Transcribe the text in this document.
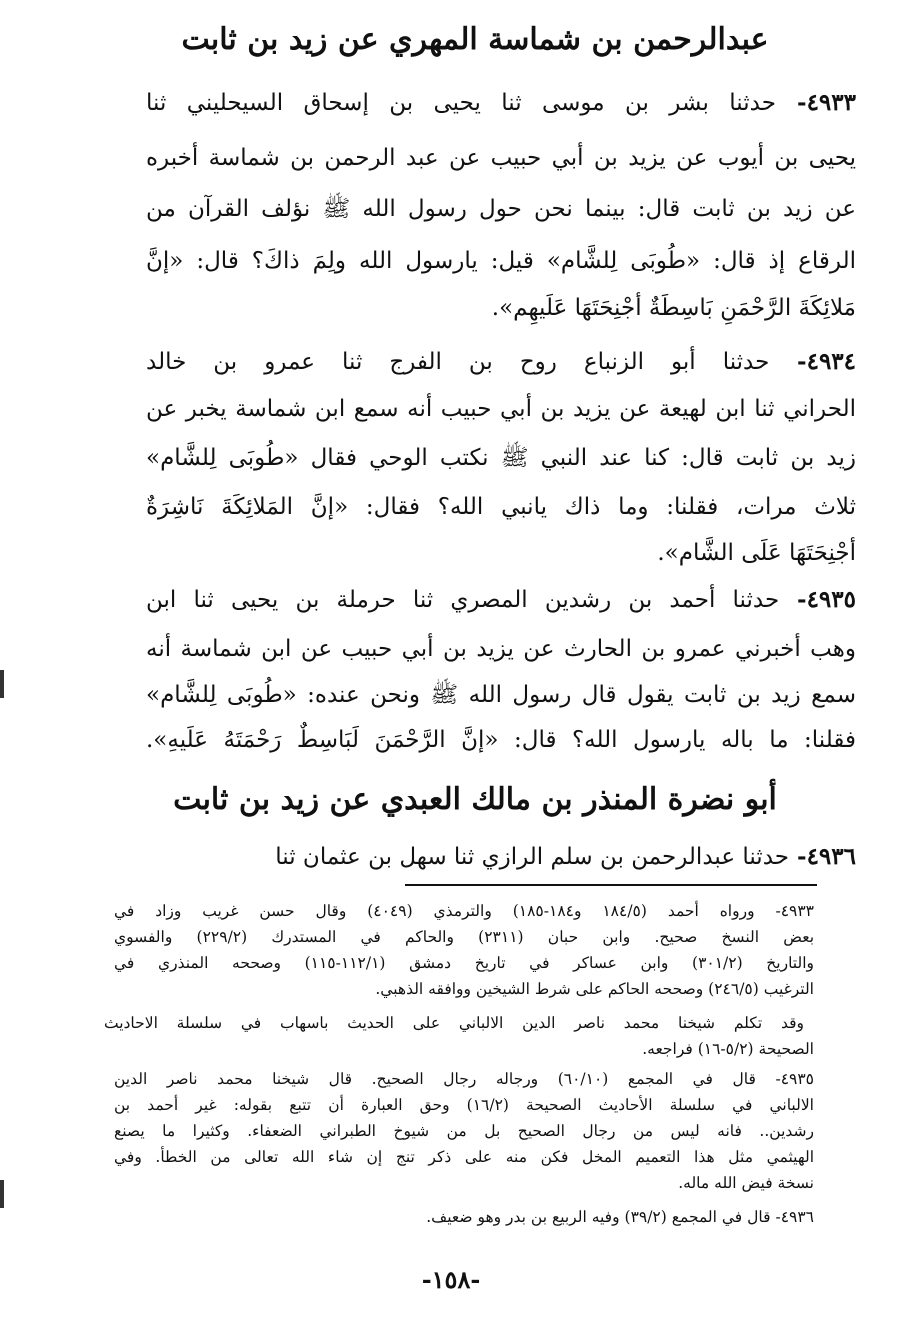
عبدالرحمن بن شماسة المهري عن زيد بن ثابت
٤٩٣٣- حدثنا بشر بن موسى ثنا يحيى بن إسحاق السيحليني ثنا
يحيى بن أيوب عن يزيد بن أبي حبيب عن عبد الرحمن بن شماسة أخبره
عن زيد بن ثابت قال: بينما نحن حول رسول الله ﷺ نؤلف القرآن من
الرقاع إذ قال: «طُوبَى لِلشَّام» قيل: يارسول الله ولِمَ ذاكَ؟ قال: «إنَّ
مَلائِكَةَ الرَّحْمَنِ بَاسِطَةٌ أجْنِحَتَهَا عَلَيهِم».
٤٩٣٤- حدثنا أبو الزنباع روح بن الفرج ثنا عمرو بن خالد
الحراني ثنا ابن لهيعة عن يزيد بن أبي حبيب أنه سمع ابن شماسة يخبر عن
زيد بن ثابت قال: كنا عند النبي ﷺ نكتب الوحي فقال «طُوبَى لِلشَّام»
ثلاث مرات، فقلنا: وما ذاك يانبي الله؟ فقال: «إنَّ المَلائِكَةَ نَاشِرَةٌ
أجْنِحَتَهَا عَلَى الشَّام».
٤٩٣٥- حدثنا أحمد بن رشدين المصري ثنا حرملة بن يحيى ثنا ابن
وهب أخبرني عمرو بن الحارث عن يزيد بن أبي حبيب عن ابن شماسة أنه
سمع زيد بن ثابت يقول قال رسول الله ﷺ ونحن عنده: «طُوبَى لِلشَّام»
فقلنا: ما باله يارسول الله؟ قال: «إنَّ الرَّحْمَنَ لَبَاسِطٌ رَحْمَتَهُ عَلَيهِ».
أبو نضرة المنذر بن مالك العبدي عن زيد بن ثابت
٤٩٣٦- حدثنا عبدالرحمن بن سلم الرازي ثنا سهل بن عثمان ثنا
٤٩٣٣- ورواه أحمد (١٨٤/٥ و١٨٤-١٨٥) والترمذي (٤٠٤٩) وقال حسن غريب وزاد في
بعض النسخ صحيح. وابن حبان (٢٣١١) والحاكم في المستدرك (٢٢٩/٢) والفسوي
والتاريخ (٣٠١/٢) وابن عساكر في تاريخ دمشق (١١٢/١-١١٥) وصححه المنذري في
الترغيب (٢٤٦/٥) وصححه الحاكم على شرط الشيخين ووافقه الذهبي.
وقد تكلم شيخنا محمد ناصر الدين الالباني على الحديث باسهاب في سلسلة الاحاديث
الصحيحة (٥/٢-١٦) فراجعه.
٤٩٣٥- قال في المجمع (٦٠/١٠) ورجاله رجال الصحيح. قال شيخنا محمد ناصر الدين
الالباني في سلسلة الأحاديث الصحيحة (١٦/٢) وحق العبارة أن تتبع بقوله: غير أحمد بن
رشدين.. فانه ليس من رجال الصحيح بل من شيوخ الطبراني الضعفاء. وكثيرا ما يصنع
الهيثمي مثل هذا التعميم المخل فكن منه على ذكر تنج إن شاء الله تعالى من الخطأ. وفي
نسخة فيض الله ماله.
٤٩٣٦- قال في المجمع (٣٩/٢) وفيه الربيع بن بدر وهو ضعيف.
-١٥٨-
